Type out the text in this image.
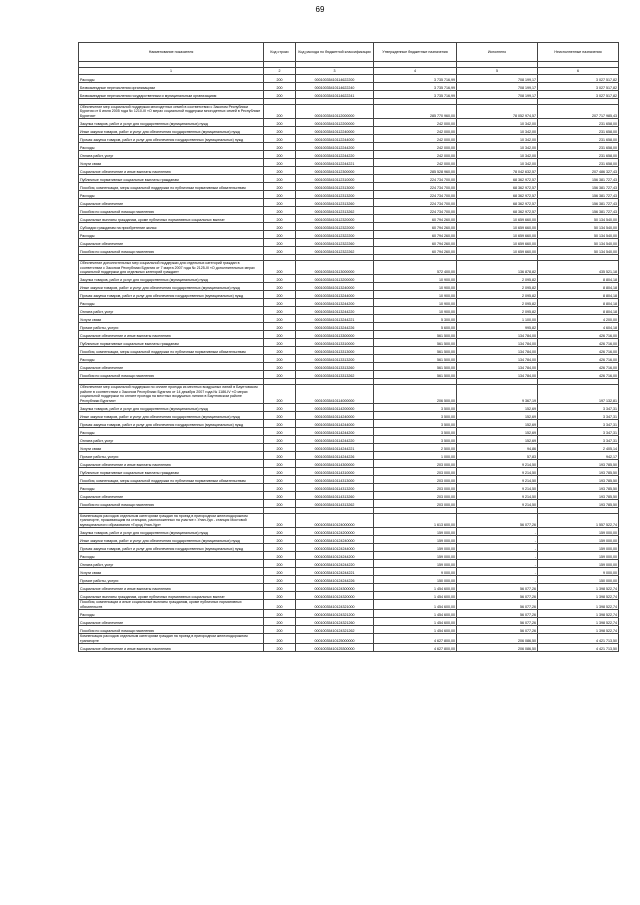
69
Наименование показателя	Код строки	Код расхода по бюджетной классификации	Утвержденные бюджетные назначения	Исполнено	Неисполненные назначения

1	2	3	4	5	6
Расходы	200	00010035410114622200	3 735 716,99	708 199,17	3 027 517,82
Безвозмездные перечисления организациям	200	00010035410114622240	3 735 716,99	708 199,17	3 027 517,82
Безвозмездные перечисления государственным и муниципальным организациям	200	00010035410114622241	3 735 716,99	708 199,17	3 027 517,82

Обеспечение мер социальной поддержки многодетных семей в соответствии с Законом Республики Бурятия от 6 июля 2005 года № 1210-III «О мерах социальной поддержки многодетных семей в Республике Бурятия»	200	00010035410112000000	285 770 960,00	78 052 974,57	207 717 985,43
Закупка товаров, работ и услуг для государственных (муниципальных) нужд	200	00010035410112200000	242 000,00	10 342,00	231 658,00
Иные закупки товаров, работ и услуг для обеспечения государственных (муниципальных) нужд	200	00010035410112240000	242 000,00	10 342,00	231 658,00
Прочая закупка товаров, работ и услуг для обеспечения государственных (муниципальных) нужд	200	00010035410112244000	242 000,00	10 342,00	231 658,00
Расходы	200	00010035410112244200	242 000,00	10 342,00	231 658,00
Оплата работ, услуг	200	00010035410112244220	242 000,00	10 342,00	231 658,00
Услуги связи	200	00010035410112244221	242 000,00	10 342,00	231 658,00
Социальное обеспечение и иные выплаты населению	200	00010035410112300000	285 528 960,00	78 042 632,57	207 486 327,43
Публичные нормативные социальные выплаты гражданам	200	00010035410112310000	224 734 700,00	68 362 972,57	156 381 727,43
Пособия, компенсации, меры социальной поддержки по публичным нормативным обязательствам	200	00010035410112313000	224 734 700,00	68 362 972,57	156 381 727,43
Расходы	200	00010035410112313200	224 734 700,00	68 362 972,57	156 381 727,43
Социальное обеспечение	200	00010035410112313260	224 734 700,00	68 362 972,57	156 381 727,43
Пособия по социальной помощи населению	200	00010035410112313262	224 734 700,00	68 362 972,57	156 381 727,43
Социальные выплаты гражданам, кроме публичных нормативных социальных выплат	200	00010035410112320000	60 794 260,00	10 659 660,00	50 134 540,00
Субсидии гражданам на приобретение жилья	200	00010035410112322000	60 794 260,00	10 659 660,00	50 134 540,00
Расходы	200	00010035410112322200	60 794 260,00	10 659 660,00	50 134 540,00
Социальное обеспечение	200	00010035410112322260	60 794 260,00	10 659 660,00	50 134 540,00
Пособия по социальной помощи населению	200	00010035410112322262	60 794 260,00	10 659 660,00	50 134 540,00

Обеспечение дополнительных мер социальной поддержки для отдельных категорий граждан в соответствии с Законом Республики Бурятия от 7 марта 2007 года № 2125-III «О дополнительных мерах социальной поддержки для отдельных категорий граждан»	200	00010035410113000000	572 400,00	136 878,82	435 521,18
Закупка товаров, работ и услуг для государственных (муниципальных) нужд	200	00010035410113200000	10 900,00	2 095,82	8 804,18
Иные закупки товаров, работ и услуг для обеспечения государственных (муниципальных) нужд	200	00010035410113240000	10 900,00	2 095,82	8 804,18
Прочая закупка товаров, работ и услуг для обеспечения государственных (муниципальных) нужд	200	00010035410113244000	10 900,00	2 095,82	8 804,18
Расходы	200	00010035410113244200	10 900,00	2 095,82	8 804,18
Оплата работ, услуг	200	00010035410113244220	10 900,00	2 095,82	8 804,18
Услуги связи	200	00010035410113244221	5 300,00	1 100,00	4 200,00
Прочие работы, услуги	200	00010035410113244226	5 600,00	995,82	4 604,18
Социальное обеспечение и иные выплаты населению	200	00010035410113300000	561 500,00	134 784,00	426 716,00
Публичные нормативные социальные выплаты гражданам	200	00010035410113310000	561 500,00	134 784,00	426 716,00
Пособия, компенсации, меры социальной поддержки по публичным нормативным обязательствам	200	00010035410113313000	561 500,00	134 784,00	426 716,00
Расходы	200	00010035410113313200	561 500,00	134 784,00	426 716,00
Социальное обеспечение	200	00010035410113313260	561 500,00	134 784,00	426 716,00
Пособия по социальной помощи населению	200	00010035410113313262	561 500,00	134 784,00	426 716,00

Обеспечение мер социальной поддержки по оплате проезда из местных воздушных линий в Баунтовском районе в соответствии с Законом Республики Бурятия от 14 декабря 2007 года № 1186-IV «О мерах социальной поддержки по оплате проезда на местных воздушных линиях в Баунтовском районе Республики Бурятия»	200	00010035410114000000	206 500,00	9 367,19	197 132,81
Закупка товаров, работ и услуг для государственных (муниципальных) нужд	200	00010035410114200000	3 500,00	152,69	3 347,31
Иные закупки товаров, работ и услуг для обеспечения государственных (муниципальных) нужд	200	00010035410114240000	3 500,00	152,69	3 347,31
Прочая закупка товаров, работ и услуг для обеспечения государственных (муниципальных) нужд	200	00010035410114244000	3 500,00	152,69	3 347,31
Расходы	200	00010035410114244200	3 500,00	152,69	3 347,31
Оплата работ, услуг	200	00010035410114244220	3 500,00	152,69	3 347,31
Услуги связи	200	00010035410114244221	2 500,00	94,86	2 405,14
Прочие работы, услуги	200	00010035410114244226	1 000,00	57,83	942,17
Социальное обеспечение и иные выплаты населению	200	00010035410114300000	203 000,00	9 214,50	193 785,50
Публичные нормативные социальные выплаты гражданам	200	00010035410114310000	203 000,00	9 214,50	193 785,50
Пособия, компенсации, меры социальной поддержки по публичным нормативным обязательствам	200	00010035410114313000	203 000,00	9 214,50	193 785,50
Расходы	200	00010035410114313200	203 000,00	9 214,50	193 785,50
Социальное обеспечение	200	00010035410114313260	203 000,00	9 214,50	193 785,50
Пособия по социальной помощи населению	200	00010035410114313262	203 000,00	9 214,50	193 785,50

Компенсация расходов отдельным категориям граждан на проезд в пригородном железнодорожном транспорте, проживающим на станциях, расположенных на участке г. Улан-Удэ - станция Мостовой муниципального образования «Город Улан-Удэ»	200	00010035410124000000	1 613 600,00	56 077,26	1 557 522,74
Закупка товаров, работ и услуг для государственных (муниципальных) нужд	200	00010035410124200000	159 000,00	-	159 000,00
Иные закупки товаров, работ и услуг для обеспечения государственных (муниципальных) нужд	200	00010035410124240000	159 000,00	-	159 000,00
Прочая закупка товаров, работ и услуг для обеспечения государственных (муниципальных) нужд	200	00010035410124244000	159 000,00	-	159 000,00
Расходы	200	00010035410124244200	159 000,00	-	159 000,00
Оплата работ, услуг	200	00010035410124244220	159 000,00	-	159 000,00
Услуги связи	200	00010035410124244221	9 000,00	-	9 000,00
Прочие работы, услуги	200	00010035410124244226	150 000,00	-	150 000,00
Социальное обеспечение и иные выплаты населению	200	00010035410124300000	1 454 600,00	56 077,26	1 398 522,74
Социальные выплаты гражданам, кроме публичных нормативных социальных выплат	200	00010035410124320000	1 454 600,00	56 077,26	1 398 522,74
Пособия, компенсации и иные социальные выплаты гражданам, кроме публичных нормативных обязательств	200	00010035410124321000	1 454 600,00	56 077,26	1 398 522,74
Расходы	200	00010035410124321200	1 454 600,00	56 077,26	1 398 522,74
Социальное обеспечение	200	00010035410124321260	1 454 600,00	56 077,26	1 398 522,74
Пособия по социальной помощи населению	200	00010035410124321262	1 454 600,00	56 077,26	1 398 522,74
Компенсация расходов отдельным категориям граждан на проезд в пригородном железнодорожном транспорте	200	00010035410125000000	4 627 800,00	206 086,50	4 421 713,50
Социальное обеспечение и иные выплаты населению	200	00010035410125300000	4 627 800,00	206 086,50	4 421 713,50
